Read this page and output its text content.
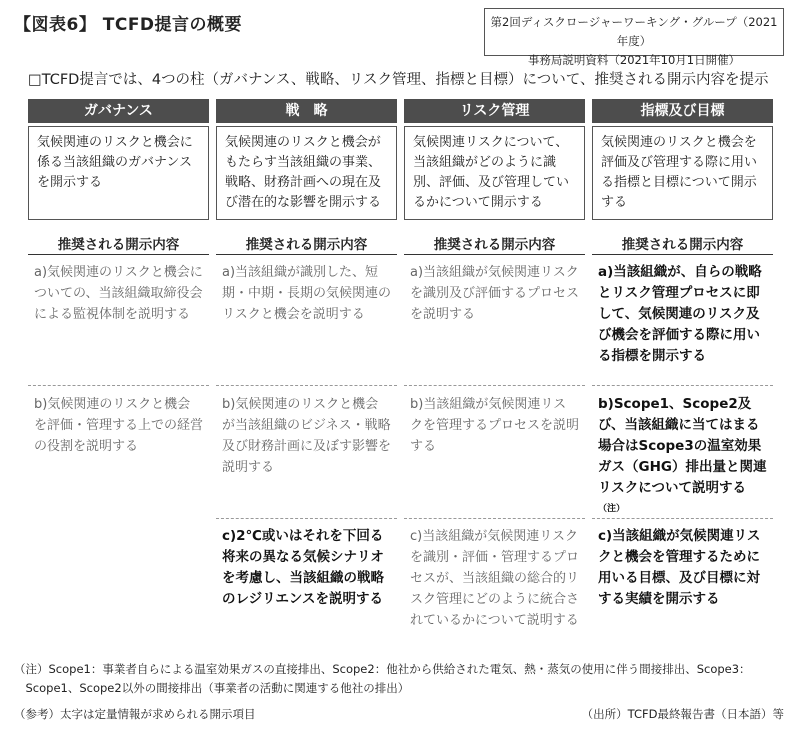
【図表6】 TCFD提言の概要	第2回ディスクロージャーワーキング・グループ（2021年度）
事務局説明資料（2021年10月1日開催）
□TCFD提言では、4つの柱（ガバナンス、戦略、リスク管理、指標と目標）について、推奨される開示内容を提示
ガバナンス
気候関連のリスクと機会に係る当該組織のガバナンスを開示する
推奨される開示内容
a)気候関連のリスクと機会についての、当該組織取締役会による監視体制を説明する
b)気候関連のリスクと機会を評価・管理する上での経営の役割を説明する
戦　略
気候関連のリスクと機会がもたらす当該組織の事業、戦略、財務計画への現在及び潜在的な影響を開示する
推奨される開示内容
a)当該組織が識別した、短期・中期・長期の気候関連のリスクと機会を説明する
b)気候関連のリスクと機会が当該組織のビジネス・戦略及び財務計画に及ぼす影響を説明する
c)2℃或いはそれを下回る将来の異なる気候シナリオを考慮し、当該組織の戦略のレジリエンスを説明する
リスク管理
気候関連リスクについて、当該組織がどのように識別、評価、及び管理しているかについて開示する
推奨される開示内容
a)当該組織が気候関連リスクを識別及び評価するプロセスを説明する
b)当該組織が気候関連リスクを管理するプロセスを説明する
c)当該組織が気候関連リスクを識別・評価・管理するプロセスが、当該組織の総合的リスク管理にどのように統合されているかについて説明する
指標及び目標
気候関連のリスクと機会を評価及び管理する際に用いる指標と目標について開示する
推奨される開示内容
a)当該組織が、自らの戦略とリスク管理プロセスに即して、気候関連のリスク及び機会を評価する際に用いる指標を開示する
b)Scope1、Scope2及び、当該組織に当てはまる場合はScope3の温室効果ガス（GHG）排出量と関連リスクについて説明する$^{(注)}$
c)当該組織が気候関連リスクと機会を管理するために用いる目標、及び目標に対する実績を開示する
（注）Scope1：事業者自らによる温室効果ガスの直接排出、Scope2：他社から供給された電気、熱・蒸気の使用に伴う間接排出、Scope3：
　Scope1、Scope2以外の間接排出（事業者の活動に関連する他社の排出）
（参考）太字は定量情報が求められる開示項目	（出所）TCFD最終報告書（日本語）等
